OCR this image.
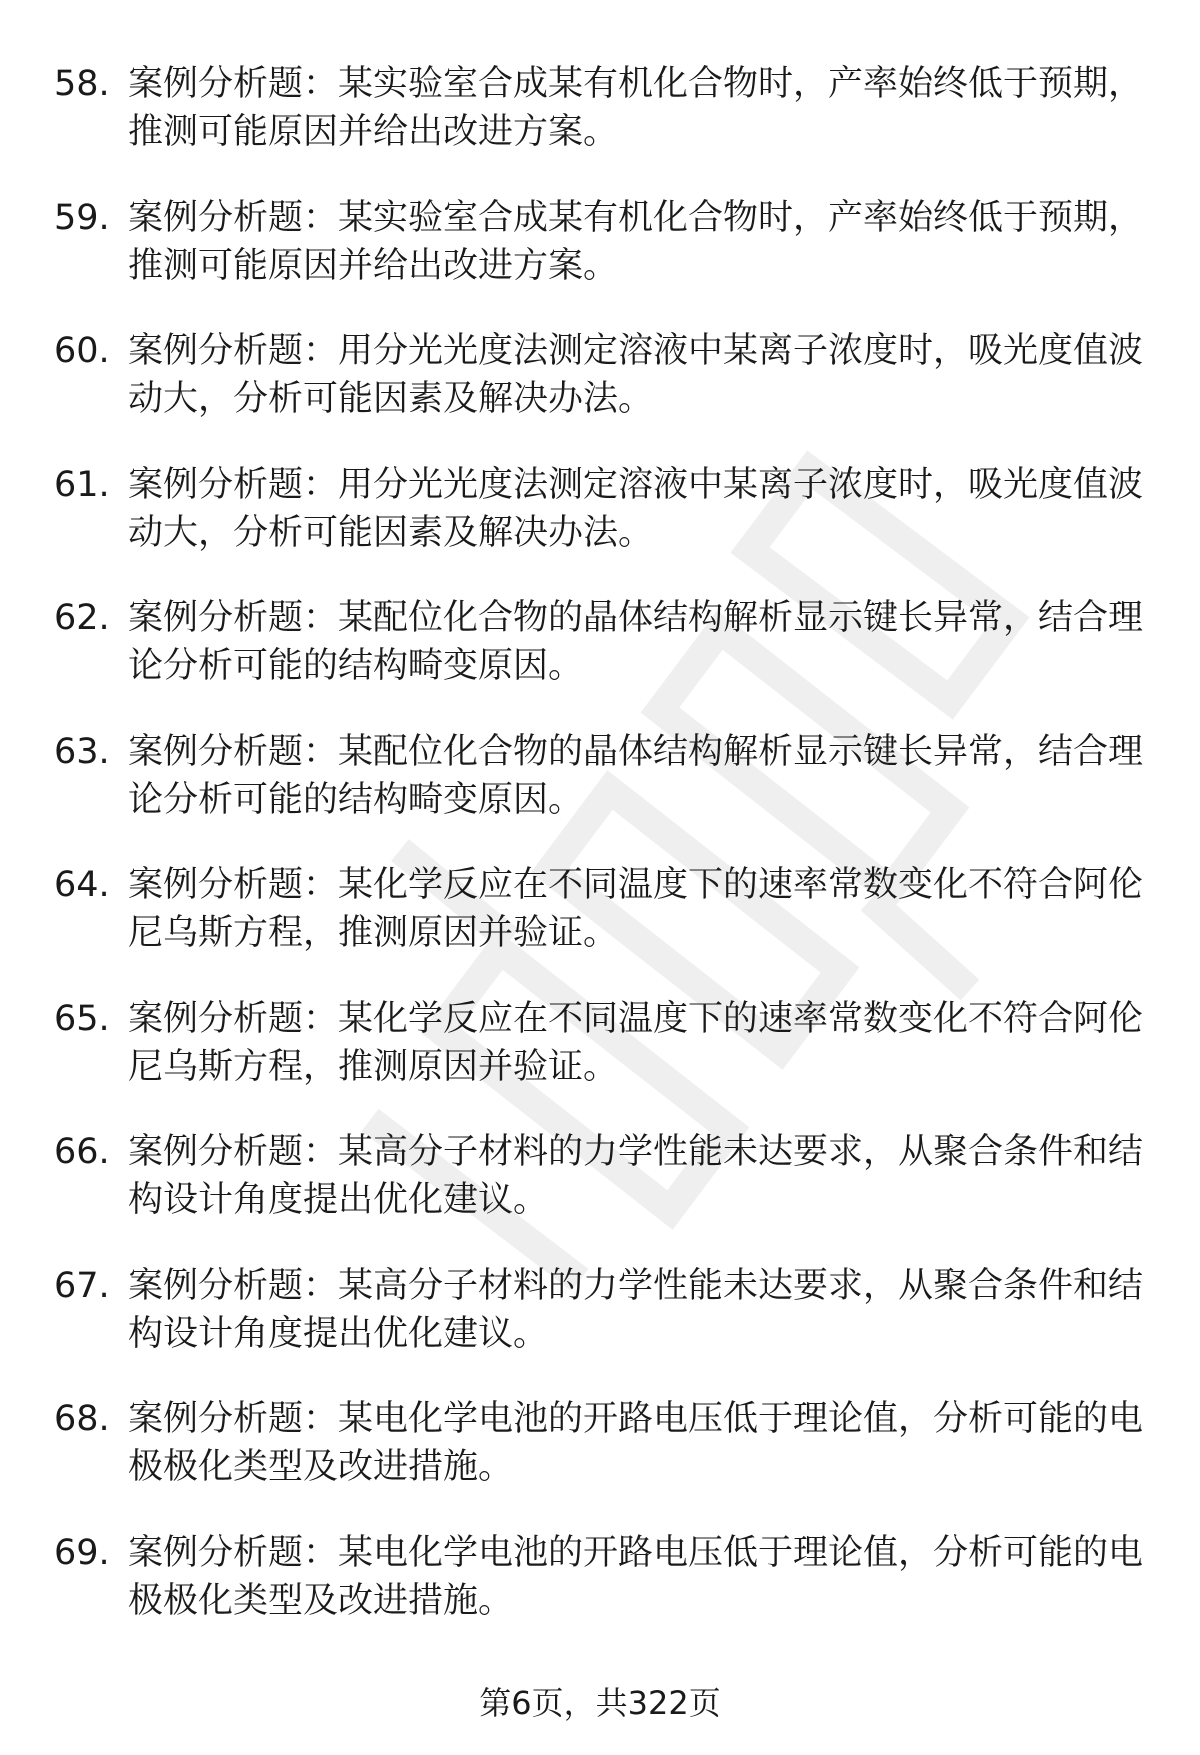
58. 案例分析题：某实验室合成某有机化合物时，产率始终低于预期，推测可能原因并给出改进方案。
59. 案例分析题：某实验室合成某有机化合物时，产率始终低于预期，推测可能原因并给出改进方案。
60. 案例分析题：用分光光度法测定溶液中某离子浓度时，吸光度值波动大，分析可能因素及解决办法。
61. 案例分析题：用分光光度法测定溶液中某离子浓度时，吸光度值波动大，分析可能因素及解决办法。
62. 案例分析题：某配位化合物的晶体结构解析显示键长异常，结合理论分析可能的结构畸变原因。
63. 案例分析题：某配位化合物的晶体结构解析显示键长异常，结合理论分析可能的结构畸变原因。
64. 案例分析题：某化学反应在不同温度下的速率常数变化不符合阿伦尼乌斯方程，推测原因并验证。
65. 案例分析题：某化学反应在不同温度下的速率常数变化不符合阿伦尼乌斯方程，推测原因并验证。
66. 案例分析题：某高分子材料的力学性能未达要求，从聚合条件和结构设计角度提出优化建议。
67. 案例分析题：某高分子材料的力学性能未达要求，从聚合条件和结构设计角度提出优化建议。
68. 案例分析题：某电化学电池的开路电压低于理论值，分析可能的电极极化类型及改进措施。
69. 案例分析题：某电化学电池的开路电压低于理论值，分析可能的电极极化类型及改进措施。
第6页，共322页
